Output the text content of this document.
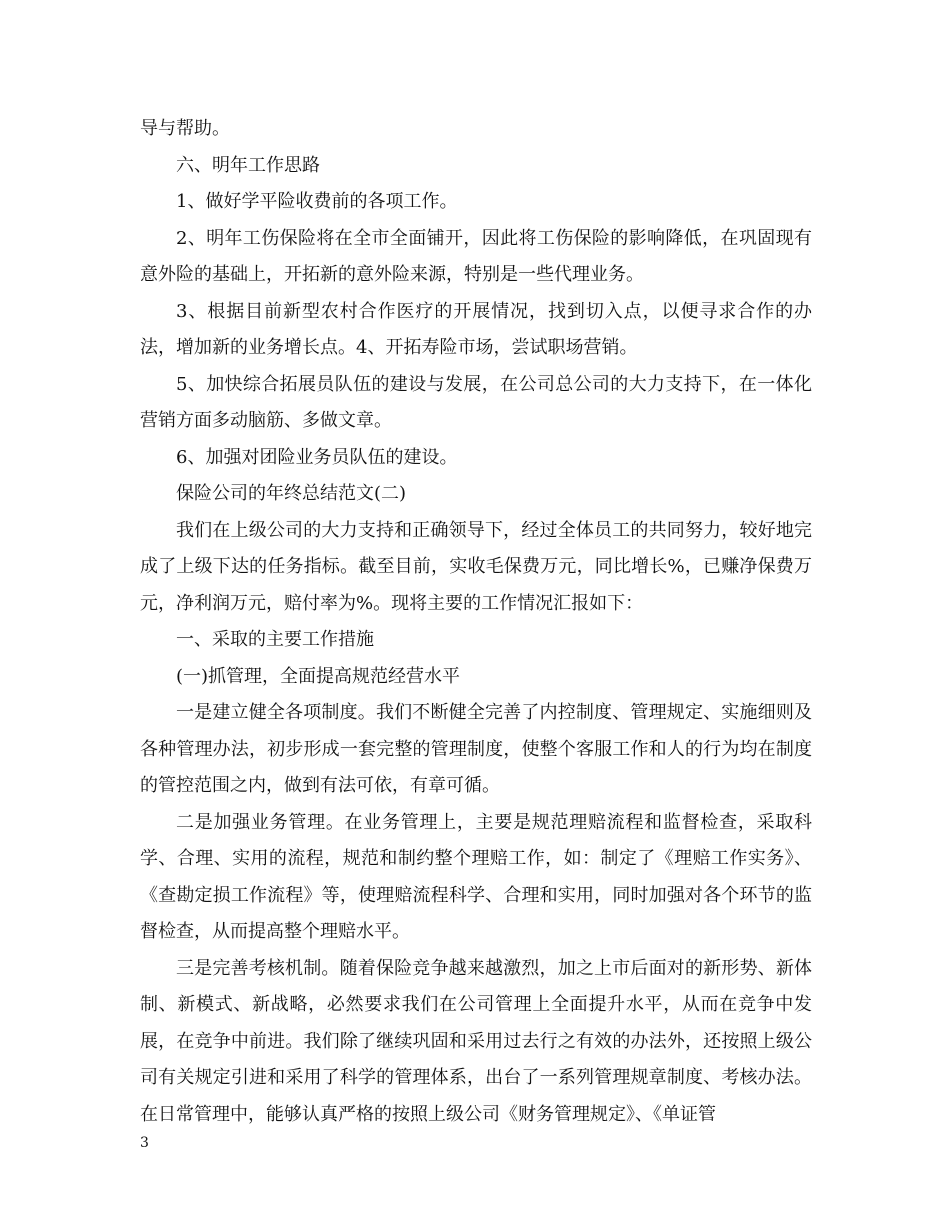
导与帮助。

六、明年工作思路

1、做好学平险收费前的各项工作。

2、明年工伤保险将在全市全面铺开，因此将工伤保险的影响降低，在巩固现有意外险的基础上，开拓新的意外险来源，特别是一些代理业务。

3、根据目前新型农村合作医疗的开展情况，找到切入点，以便寻求合作的办法，增加新的业务增长点。4、开拓寿险市场，尝试职场营销。

5、加快综合拓展员队伍的建设与发展，在公司总公司的大力支持下，在一体化营销方面多动脑筋、多做文章。

6、加强对团险业务员队伍的建设。

保险公司的年终总结范文(二)

我们在上级公司的大力支持和正确领导下，经过全体员工的共同努力，较好地完成了上级下达的任务指标。截至目前，实收毛保费万元，同比增长%，已赚净保费万元，净利润万元，赔付率为%。现将主要的工作情况汇报如下：

一、采取的主要工作措施

(一)抓管理，全面提高规范经营水平

一是建立健全各项制度。我们不断健全完善了内控制度、管理规定、实施细则及各种管理办法，初步形成一套完整的管理制度，使整个客服工作和人的行为均在制度的管控范围之内，做到有法可依，有章可循。

二是加强业务管理。在业务管理上，主要是规范理赔流程和监督检查，采取科学、合理、实用的流程，规范和制约整个理赔工作，如：制定了《理赔工作实务》、《查勘定损工作流程》等，使理赔流程科学、合理和实用，同时加强对各个环节的监督检查，从而提高整个理赔水平。

三是完善考核机制。随着保险竞争越来越激烈，加之上市后面对的新形势、新体制、新模式、新战略，必然要求我们在公司管理上全面提升水平，从而在竞争中发展，在竞争中前进。我们除了继续巩固和采用过去行之有效的办法外，还按照上级公司有关规定引进和采用了科学的管理体系，出台了一系列管理规章制度、考核办法。在日常管理中，能够认真严格的按照上级公司《财务管理规定》、《单证管

3
